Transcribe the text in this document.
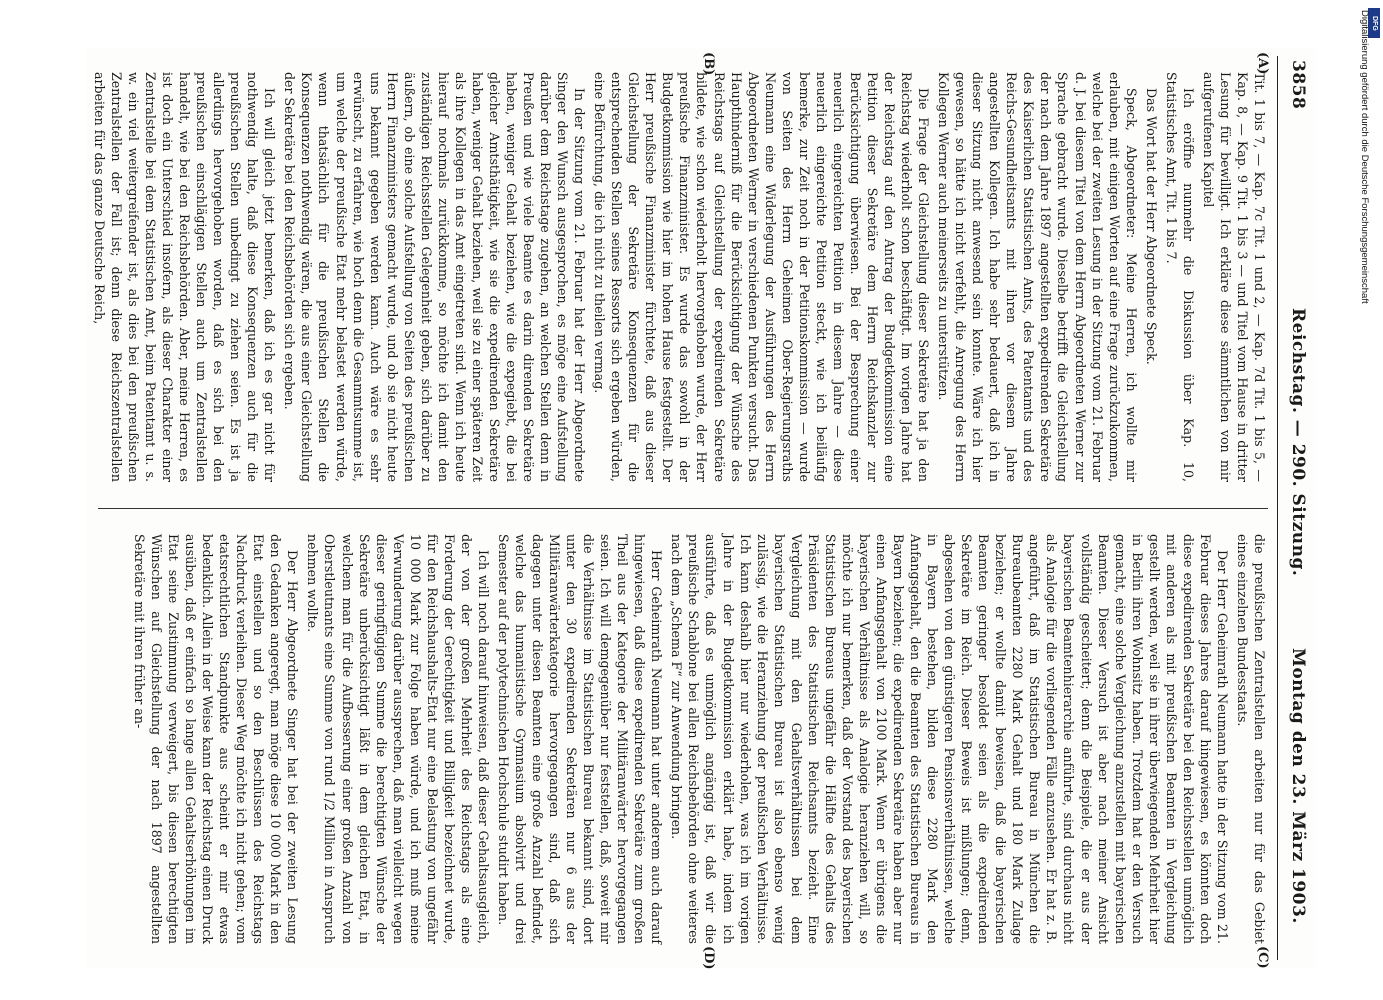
3858
Reichstag. — 290. Sitzung.
Montag den 23. März 1903.
(A)
(B)
(C)
(D)

Tit. 1 bis 7, — Kap. 7c Tit. 1 und 2, — Kap. 7d Tit. 1 bis 5, — Kap. 8, — Kap. 9 Tit. 1 bis 3 — und Titel vom Hause in dritter Lesung für bewilligt. Ich erkläre diese sämmtlichen von mir aufgerufenen Kapitel

Ich eröffne nunmehr die Diskussion über Kap. 10, Statistisches Amt, Tit. 1 bis 7.

Das Wort hat der Herr Abgeordnete Speck.

Speck, Abgeordneter: Meine Herren, ich wollte mir erlauben, mit einigen Worten auf eine Frage zurückzukommen, welche bei der zweiten Lesung in der Sitzung vom 21. Februar d. J. bei diesem Titel von dem Herrn Abgeordneten Werner zur Sprache gebracht wurde. Dieselbe betrifft die Gleichstellung der nach dem Jahre 1897 angestellten expedirenden Sekretäre des Kaiserlichen Statistischen Amts, des Patentamts und des Reichs-Gesundheitsamts mit ihren vor diesem Jahre angestellten Kollegen. Ich habe sehr bedauert, daß ich in dieser Sitzung nicht anwesend sein konnte. Wäre ich hier gewesen, so hätte ich nicht verfehlt, die Anregung des Herrn Kollegen Werner auch meinerseits zu unterstützen.

Die Frage der Gleichstellung dieser Sekretäre hat ja den Reichstag wiederholt schon beschäftigt. Im vorigen Jahre hat der Reichstag auf den Antrag der Budgetkommission eine Petition dieser Sekretäre dem Herrn Reichskanzler zur Berücksichtigung überwiesen. Bei der Besprechung einer neuerlich eingereichten Petition in diesem Jahre — diese neuerlich eingereichte Petition steckt, wie ich beiläufig bemerke, zur Zeit noch in der Petitionskommission — wurde von Seiten des Herrn Geheimen Ober-Regierungsraths Neumann eine Widerlegung der Ausführungen des Herrn Abgeordneten Werner in verschiedenen Punkten versucht. Das Haupthinderniß für die Berücksichtigung der Wünsche des Reichstags auf Gleichstellung der expedirenden Sekretäre bildete, wie schon wiederholt hervorgehoben wurde, der Herr preußische Finanzminister. Es wurde das sowohl in der Budgetkommission wie hier im hohen Hause festgestellt. Der Herr preußische Finanzminister fürchtete, daß aus dieser Gleichstellung der Sekretäre Konsequenzen für die entsprechenden Stellen seines Ressorts sich ergeben würden, eine Befürchtung, die ich nicht zu theilen vermag.

In der Sitzung vom 21. Februar hat der Herr Abgeordnete Singer den Wunsch ausgesprochen, es möge eine Aufstellung darüber dem Reichstage zugehen, an welchen Stellen denn in Preußen und wie viele Beamte es darin direnden Sekretäre haben, weniger Gehalt beziehen, wie die expegiebt, die bei gleicher Amtsthätigkeit, wie sie die expedirenden Sekretäre haben, weniger Gehalt beziehen, weil sie zu einer späteren Zeit als ihre Kollegen in das Amt eingetreten sind. Wenn ich heute hierauf nochmals zurückkomme, so möchte ich damit den zuständigen Reichsstellen Gelegenheit geben, sich darüber zu äußern, ob eine solche Aufstellung von Seiten des preußischen Herrn Finanzministers gemacht wurde, und ob sie nicht heute uns bekannt gegeben werden kann. Auch wäre es sehr erwünscht, zu erfahren, wie hoch denn die Gesammtsumme ist, um welche der preußische Etat mehr belastet werden würde, wenn thatsächlich für die preußischen Stellen die Konsequenzen nothwendig wären, die aus einer Gleichstellung der Sekretäre bei den Reichsbehörden sich ergeben.

Ich will gleich jetzt bemerken, daß ich es gar nicht für nothwendig halte, daß diese Konsequenzen auch für die preußischen Stellen unbedingt zu ziehen seien. Es ist ja allerdings hervorgehoben worden, daß es sich bei den preußischen einschlägigen Stellen auch um Zentralstellen handelt, wie bei den Reichsbehörden. Aber, meine Herren, es ist doch ein Unterschied insofern, als dieser Charakter einer Zentralstelle bei dem Statistischen Amt, beim Patentamt u. s. w. ein viel weitergreifender ist, als dies bei den preußischen Zentralstellen der Fall ist; denn diese Reichszentralstellen arbeiten für das ganze Deutsche Reich,

die preußischen Zentralstellen arbeiten nur für das Gebiet eines einzelnen Bundesstaats.

Der Herr Geheimrath Neumann hatte in der Sitzung vom 21. Februar dieses Jahres darauf hingewiesen, es könnten doch diese expedirenden Sekretäre bei den Reichsstellen unmöglich mit anderen als mit preußischen Beamten in Vergleichung gestellt werden, weil sie in ihrer überwiegenden Mehrheit hier in Berlin ihren Wohnsitz haben. Trotzdem hat er den Versuch gemacht, eine solche Vergleichung anzustellen mit bayerischen Beamten. Dieser Versuch ist aber nach meiner Ansicht vollständig gescheitert; denn die Beispiele, die er aus der bayerischen Beamtenhierarchie anführte, sind durchaus nicht als Analogie für die vorliegenden Fälle anzusehen. Er hat z. B. angeführt, daß im Statistischen Bureau in München die Bureaubeamten 2280 Mark Gehalt und 180 Mark Zulage beziehen; er wollte damit beweisen, daß die bayerischen Beamten geringer besoldet seien als die expedirenden Sekretäre im Reich. Dieser Beweis ist mißlungen; denn, abgesehen von den günstigeren Pensionsverhältnissen, welche in Bayern bestehen, bilden diese 2280 Mark den Anfangsgehalt, den die Beamten des Statistischen Bureaus in Bayern beziehen; die expedirenden Sekretäre haben aber nur einen Anfangsgehalt von 2100 Mark. Wenn er übrigens die bayerischen Verhältnisse als Analogie heranziehen will, so möchte ich nur bemerken, daß der Vorstand des bayerischen Statistischen Bureaus ungefähr die Hälfte des Gehalts des Präsidenten des Statistischen Reichsamts bezieht. Eine Vergleichung mit den Gehaltsverhältnissen bei dem bayerischen Statistischen Bureau ist also ebenso wenig zulässig, wie die Heranziehung der preußischen Verhältnisse. Ich kann deshalb hier nur wiederholen, was ich im vorigen Jahre in der Budgetkommission erklärt habe, indem ich ausführte, daß es unmöglich angängig ist, daß wir die preußische Schablone bei allen Reichsbehörden ohne weiteres nach dem „Schema F“ zur Anwendung bringen.

Herr Geheimrath Neumann hat unter anderem auch darauf hingewiesen, daß diese expedirenden Sekretäre zum großen Theil aus der Kategorie der Militäranwärter hervorgegangen seien. Ich will demgegenüber nur feststellen, daß, soweit mir die Verhältnisse im Statistischen Bureau bekannt sind, dort unter den 30 expedirenden Sekretären nur 6 aus der Militäranwärterkategorie hervorgegangen sind, daß sich dagegen unter diesen Beamten eine große Anzahl befindet, welche das humanistische Gymnasium absolvirt und drei Semester auf der polytechnischen Hochschule studirt haben.

Ich will noch darauf hinweisen, daß dieser Gehaltsausgleich, der von der großen Mehrheit des Reichstags als eine Forderung der Gerechtigkeit und Billigkeit bezeichnet wurde, für den Reichshaushalts-Etat nur eine Belastung von ungefähr 10 000 Mark zur Folge haben würde, und ich muß meine Verwunderung darüber aussprechen, daß man vielleicht wegen dieser geringfügigen Summe die berechtigten Wünsche der Sekretäre unberücksichtigt läßt in dem gleichen Etat, in welchem man für die Aufbesserung einer großen Anzahl von Oberstleutnants eine Summe von rund 1/2 Million in Anspruch nehmen wollte.

Der Herr Abgeordnete Singer hat bei der zweiten Lesung den Gedanken angeregt, man möge diese 10 000 Mark in den Etat einstellen und so den Beschlüssen des Reichstags Nachdruck verleihen. Dieser Weg möchte ich nicht gehen; vom etatsrechtlichen Standpunkte aus scheint er mir etwas bedenklich. Allein in der Weise kann der Reichstag einen Druck ausüben, daß er einfach so lange allen Gehaltserhöhungen im Etat seine Zustimmung verweigert, bis diesen berechtigten Wünschen auf Gleichstellung der nach 1897 angestellten Sekretäre mit ihren früher an-

DFG
Digitalisierung gefördert durch die Deutsche Forschungsgemeinschaft
